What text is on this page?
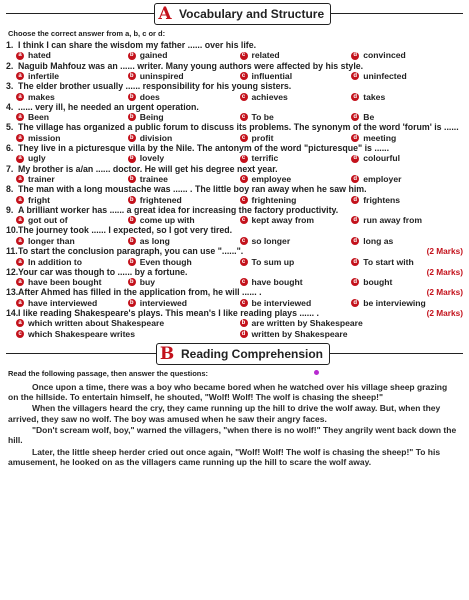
A Vocabulary and Structure
Choose the correct answer from a, b, c or d:
1. I think I can share the wisdom my father ...... over his life.
a hated	b gained	c related	d convinced
2. Naguib Mahfouz was an ...... writer. Many young authors were affected by his style.
a infertile	b uninspired	c influential	d uninfected
3. The elder brother usually ...... responsibility for his young sisters.
a makes	b does	c achieves	d takes
4. ...... very ill, he needed an urgent operation.
a Been	b Being	c To be	d Be
5. The village has organized a public forum to discuss its problems. The synonym of the word 'forum' is ......
a mission	b division	c profit	d meeting
6. They live in a picturesque villa by the Nile. The antonym of the word "picturesque" is ......
a ugly	b lovely	c terrific	d colourful
7. My brother is a/an ...... doctor. He will get his degree next year.
a trainer	b trainee	c employee	d employer
8. The man with a long moustache was ...... . The little boy ran away when he saw him.
a fright	b frightened	c frightening	d frightens
9. A brilliant worker has ...... a great idea for increasing the factory productivity.
a got out of	b come up with	c kept away from	d run away from
10.The journey took ...... I expected, so I got very tired.
a longer than	b as long	c so longer	d long as
(2 Marks)
11.To start the conclusion paragraph, you can use "......".
a In addition to	b Even though	c To sum up	d To start with
(2 Marks)
12.Your car was though to ...... by a fortune.
a have been bought	b buy	c have bought	d bought
(2 Marks)
13.After Ahmed has filled in the application from, he will ...... .
a have interviewed	b interviewed	c be interviewed	d be interviewing
(2 Marks)
14.I like reading Shakespeare's plays. This mean's I like reading plays ...... .
a which written about Shakespeare	b are written by Shakespeare
c which Shakespeare writes	d written by Shakespeare
B Reading Comprehension
Read the following passage, then answer the questions:

Once upon a time, there was a boy who became bored when he watched over his village sheep grazing on the hillside. To entertain himself, he shouted, "Wolf! Wolf! The wolf is chasing the sheep!"

When the villagers heard the cry, they came running up the hill to drive the wolf away. But, when they arrived, they saw no wolf. The boy was amused when he saw their angry faces.

"Don't scream wolf, boy," warned the villagers, "when there is no wolf!" They angrily went back down the hill.

Later, the little sheep herder cried out once again, "Wolf! Wolf! The wolf is chasing the sheep!" To his amusement, he looked on as the villagers came running up the hill to scare the wolf away.
